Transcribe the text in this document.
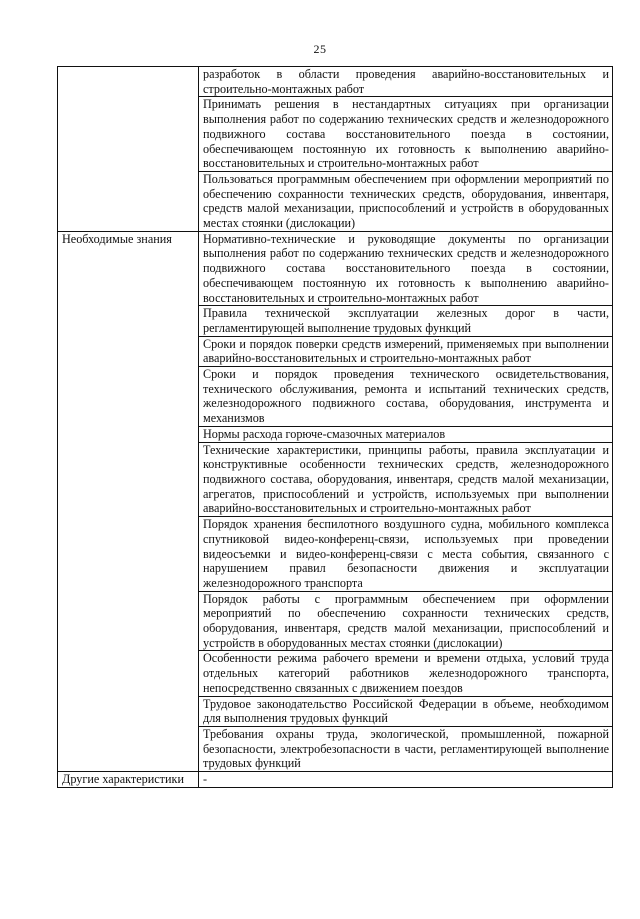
25
	разработок в области проведения аварийно-восстановительных и строительно-монтажных работ
	Принимать решения в нестандартных ситуациях при организации выполнения работ по содержанию технических средств и железнодорожного подвижного состава восстановительного поезда в состоянии, обеспечивающем постоянную их готовность к выполнению аварийно-восстановительных и строительно-монтажных работ
	Пользоваться программным обеспечением при оформлении мероприятий по обеспечению сохранности технических средств, оборудования, инвентаря, средств малой механизации, приспособлений и устройств в оборудованных местах стоянки (дислокации)
Необходимые знания	Нормативно-технические и руководящие документы по организации выполнения работ по содержанию технических средств и железнодорожного подвижного состава восстановительного поезда в состоянии, обеспечивающем постоянную их готовность к выполнению аварийно-восстановительных и строительно-монтажных работ
	Правила технической эксплуатации железных дорог в части, регламентирующей выполнение трудовых функций
	Сроки и порядок поверки средств измерений, применяемых при выполнении аварийно-восстановительных и строительно-монтажных работ
	Сроки и порядок проведения технического освидетельствования, технического обслуживания, ремонта и испытаний технических средств, железнодорожного подвижного состава, оборудования, инструмента и механизмов
	Нормы расхода горюче-смазочных материалов
	Технические характеристики, принципы работы, правила эксплуатации и конструктивные особенности технических средств, железнодорожного подвижного состава, оборудования, инвентаря, средств малой механизации, агрегатов, приспособлений и устройств, используемых при выполнении аварийно-восстановительных и строительно-монтажных работ
	Порядок хранения беспилотного воздушного судна, мобильного комплекса спутниковой видео-конференц-связи, используемых при проведении видеосъемки и видео-конференц-связи с места события, связанного с нарушением правил безопасности движения и эксплуатации железнодорожного транспорта
	Порядок работы с программным обеспечением при оформлении мероприятий по обеспечению сохранности технических средств, оборудования, инвентаря, средств малой механизации, приспособлений и устройств в оборудованных местах стоянки (дислокации)
	Особенности режима рабочего времени и времени отдыха, условий труда отдельных категорий работников железнодорожного транспорта, непосредственно связанных с движением поездов
	Трудовое законодательство Российской Федерации в объеме, необходимом для выполнения трудовых функций
	Требования охраны труда, экологической, промышленной, пожарной безопасности, электробезопасности в части, регламентирующей выполнение трудовых функций
Другие характеристики	-
